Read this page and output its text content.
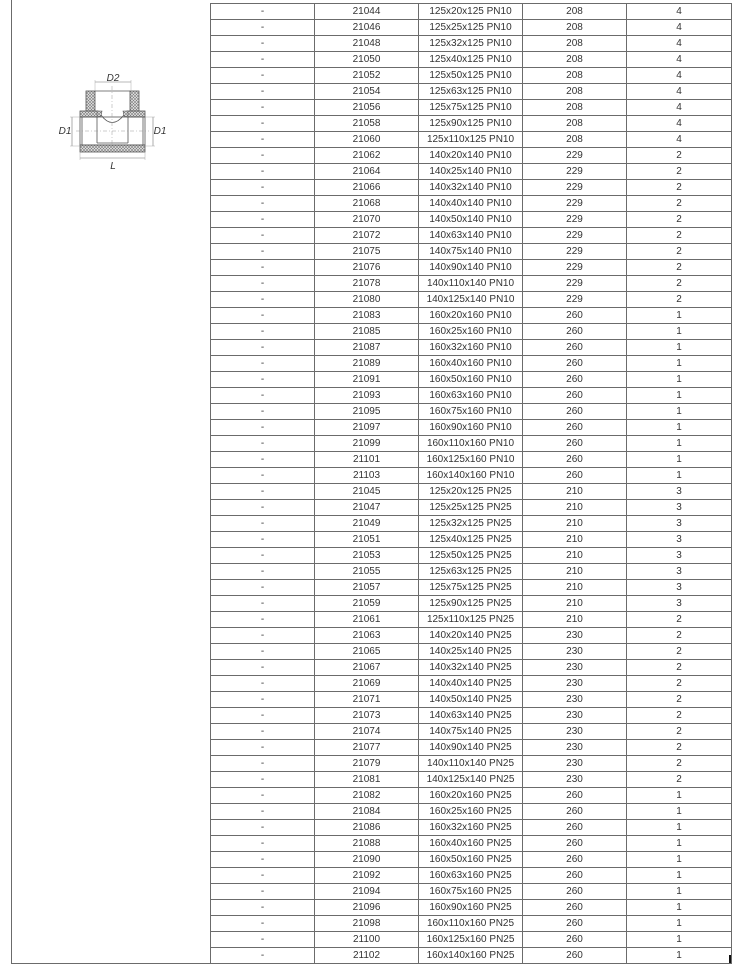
D2
D1	D1
L
-	21044	125x20x125 PN10	208	4
-	21046	125x25x125 PN10	208	4
-	21048	125x32x125 PN10	208	4
-	21050	125x40x125 PN10	208	4
-	21052	125x50x125 PN10	208	4
-	21054	125x63x125 PN10	208	4
-	21056	125x75x125 PN10	208	4
-	21058	125x90x125 PN10	208	4
-	21060	125x110x125 PN10	208	4
-	21062	140x20x140 PN10	229	2
-	21064	140x25x140 PN10	229	2
-	21066	140x32x140 PN10	229	2
-	21068	140x40x140 PN10	229	2
-	21070	140x50x140 PN10	229	2
-	21072	140x63x140 PN10	229	2
-	21075	140x75x140 PN10	229	2
-	21076	140x90x140 PN10	229	2
-	21078	140x110x140 PN10	229	2
-	21080	140x125x140 PN10	229	2
-	21083	160x20x160 PN10	260	1
-	21085	160x25x160 PN10	260	1
-	21087	160x32x160 PN10	260	1
-	21089	160x40x160 PN10	260	1
-	21091	160x50x160 PN10	260	1
-	21093	160x63x160 PN10	260	1
-	21095	160x75x160 PN10	260	1
-	21097	160x90x160 PN10	260	1
-	21099	160x110x160 PN10	260	1
-	21101	160x125x160 PN10	260	1
-	21103	160x140x160 PN10	260	1
-	21045	125x20x125 PN25	210	3
-	21047	125x25x125 PN25	210	3
-	21049	125x32x125 PN25	210	3
-	21051	125x40x125 PN25	210	3
-	21053	125x50x125 PN25	210	3
-	21055	125x63x125 PN25	210	3
-	21057	125x75x125 PN25	210	3
-	21059	125x90x125 PN25	210	3
-	21061	125x110x125 PN25	210	2
-	21063	140x20x140 PN25	230	2
-	21065	140x25x140 PN25	230	2
-	21067	140x32x140 PN25	230	2
-	21069	140x40x140 PN25	230	2
-	21071	140x50x140 PN25	230	2
-	21073	140x63x140 PN25	230	2
-	21074	140x75x140 PN25	230	2
-	21077	140x90x140 PN25	230	2
-	21079	140x110x140 PN25	230	2
-	21081	140x125x140 PN25	230	2
-	21082	160x20x160 PN25	260	1
-	21084	160x25x160 PN25	260	1
-	21086	160x32x160 PN25	260	1
-	21088	160x40x160 PN25	260	1
-	21090	160x50x160 PN25	260	1
-	21092	160x63x160 PN25	260	1
-	21094	160x75x160 PN25	260	1
-	21096	160x90x160 PN25	260	1
-	21098	160x110x160 PN25	260	1
-	21100	160x125x160 PN25	260	1
-	21102	160x140x160 PN25	260	1
